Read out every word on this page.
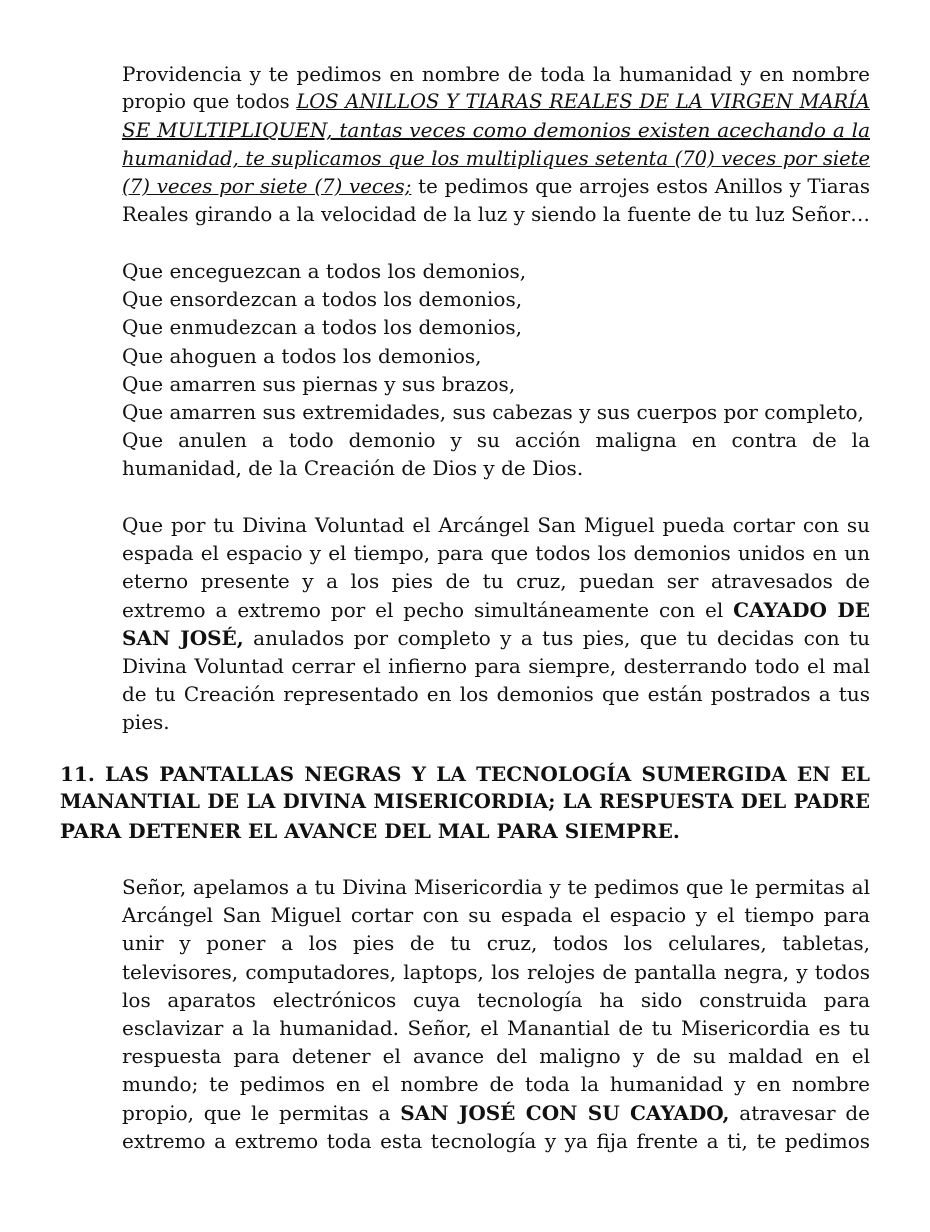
Providencia y te pedimos en nombre de toda la humanidad y en nombre
propio que todos LOS ANILLOS Y TIARAS REALES DE LA VIRGEN MARÍA
SE MULTIPLIQUEN, tantas veces como demonios existen acechando a la
humanidad, te suplicamos que los multipliques setenta (70) veces por siete
(7) veces por siete (7) veces; te pedimos que arrojes estos Anillos y Tiaras
Reales girando a la velocidad de la luz y siendo la fuente de tu luz Señor…
Que enceguezcan a todos los demonios,
Que ensordezcan a todos los demonios,
Que enmudezcan a todos los demonios,
Que ahoguen a todos los demonios,
Que amarren sus piernas y sus brazos,
Que amarren sus extremidades, sus cabezas y sus cuerpos por completo,
Que anulen a todo demonio y su acción maligna en contra de la
humanidad, de la Creación de Dios y de Dios.
Que por tu Divina Voluntad el Arcángel San Miguel pueda cortar con su
espada el espacio y el tiempo, para que todos los demonios unidos en un
eterno presente y a los pies de tu cruz, puedan ser atravesados de
extremo a extremo por el pecho simultáneamente con el CAYADO DE
SAN JOSÉ, anulados por completo y a tus pies, que tu decidas con tu
Divina Voluntad cerrar el infierno para siempre, desterrando todo el mal
de tu Creación representado en los demonios que están postrados a tus
pies.
11. LAS PANTALLAS NEGRAS Y LA TECNOLOGÍA SUMERGIDA EN EL
MANANTIAL DE LA DIVINA MISERICORDIA; LA RESPUESTA DEL PADRE
PARA DETENER EL AVANCE DEL MAL PARA SIEMPRE.
Señor, apelamos a tu Divina Misericordia y te pedimos que le permitas al
Arcángel San Miguel cortar con su espada el espacio y el tiempo para
unir y poner a los pies de tu cruz, todos los celulares, tabletas,
televisores, computadores, laptops, los relojes de pantalla negra, y todos
los aparatos electrónicos cuya tecnología ha sido construida para
esclavizar a la humanidad. Señor, el Manantial de tu Misericordia es tu
respuesta para detener el avance del maligno y de su maldad en el
mundo; te pedimos en el nombre de toda la humanidad y en nombre
propio, que le permitas a SAN JOSÉ CON SU CAYADO, atravesar de
extremo a extremo toda esta tecnología y ya fija frente a ti, te pedimos
